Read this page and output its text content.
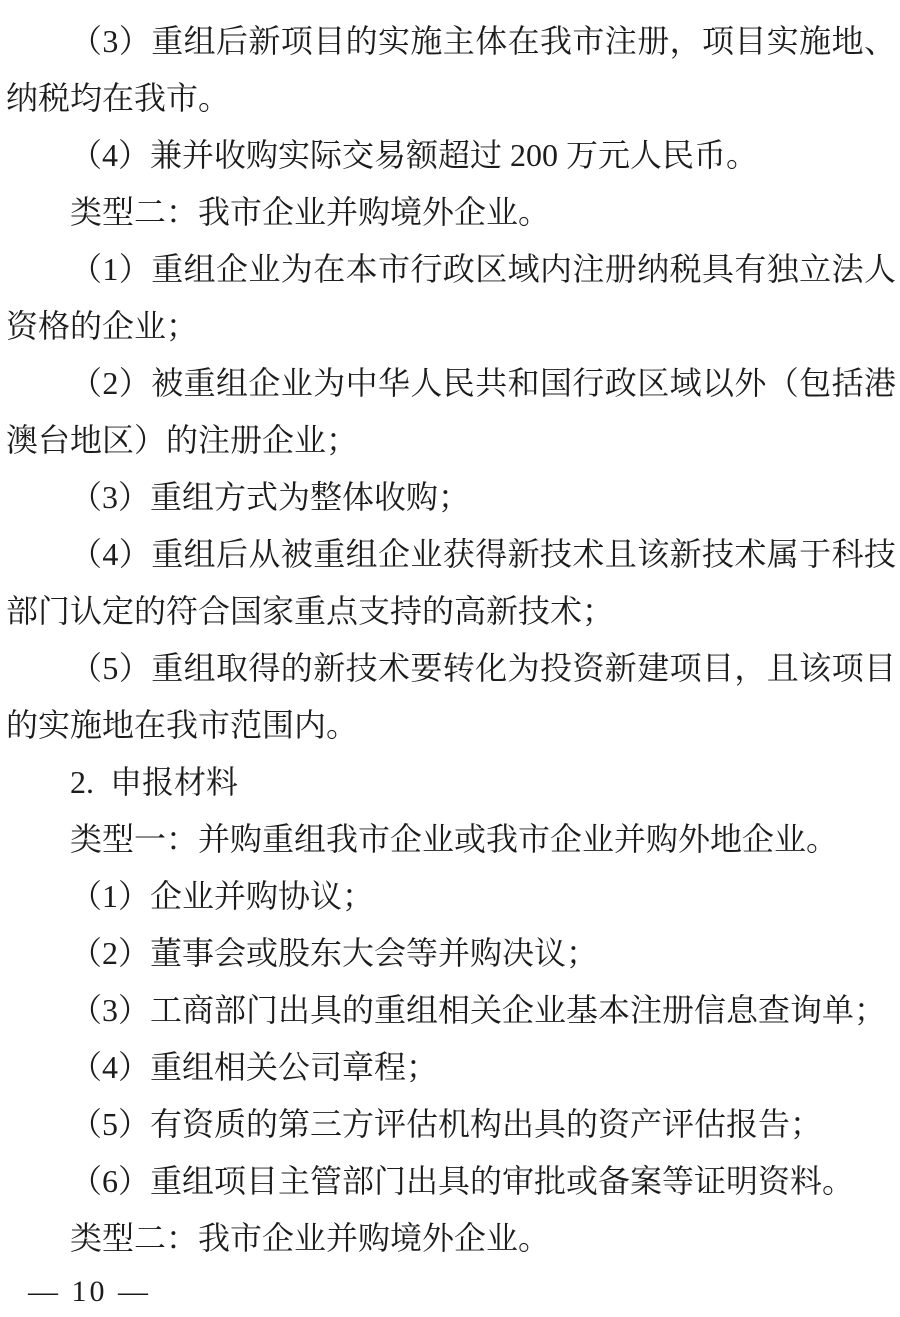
（3）重组后新项目的实施主体在我市注册，项目实施地、纳税均在我市。

（4）兼并收购实际交易额超过 200 万元人民币。

类型二：我市企业并购境外企业。

（1）重组企业为在本市行政区域内注册纳税具有独立法人资格的企业；

（2）被重组企业为中华人民共和国行政区域以外（包括港澳台地区）的注册企业；

（3）重组方式为整体收购；

（4）重组后从被重组企业获得新技术且该新技术属于科技部门认定的符合国家重点支持的高新技术；

（5）重组取得的新技术要转化为投资新建项目，且该项目的实施地在我市范围内。

2.  申报材料

类型一：并购重组我市企业或我市企业并购外地企业。

（1）企业并购协议；

（2）董事会或股东大会等并购决议；

（3）工商部门出具的重组相关企业基本注册信息查询单；

（4）重组相关公司章程；

（5）有资质的第三方评估机构出具的资产评估报告；

（6）重组项目主管部门出具的审批或备案等证明资料。

类型二：我市企业并购境外企业。

— 10 —
